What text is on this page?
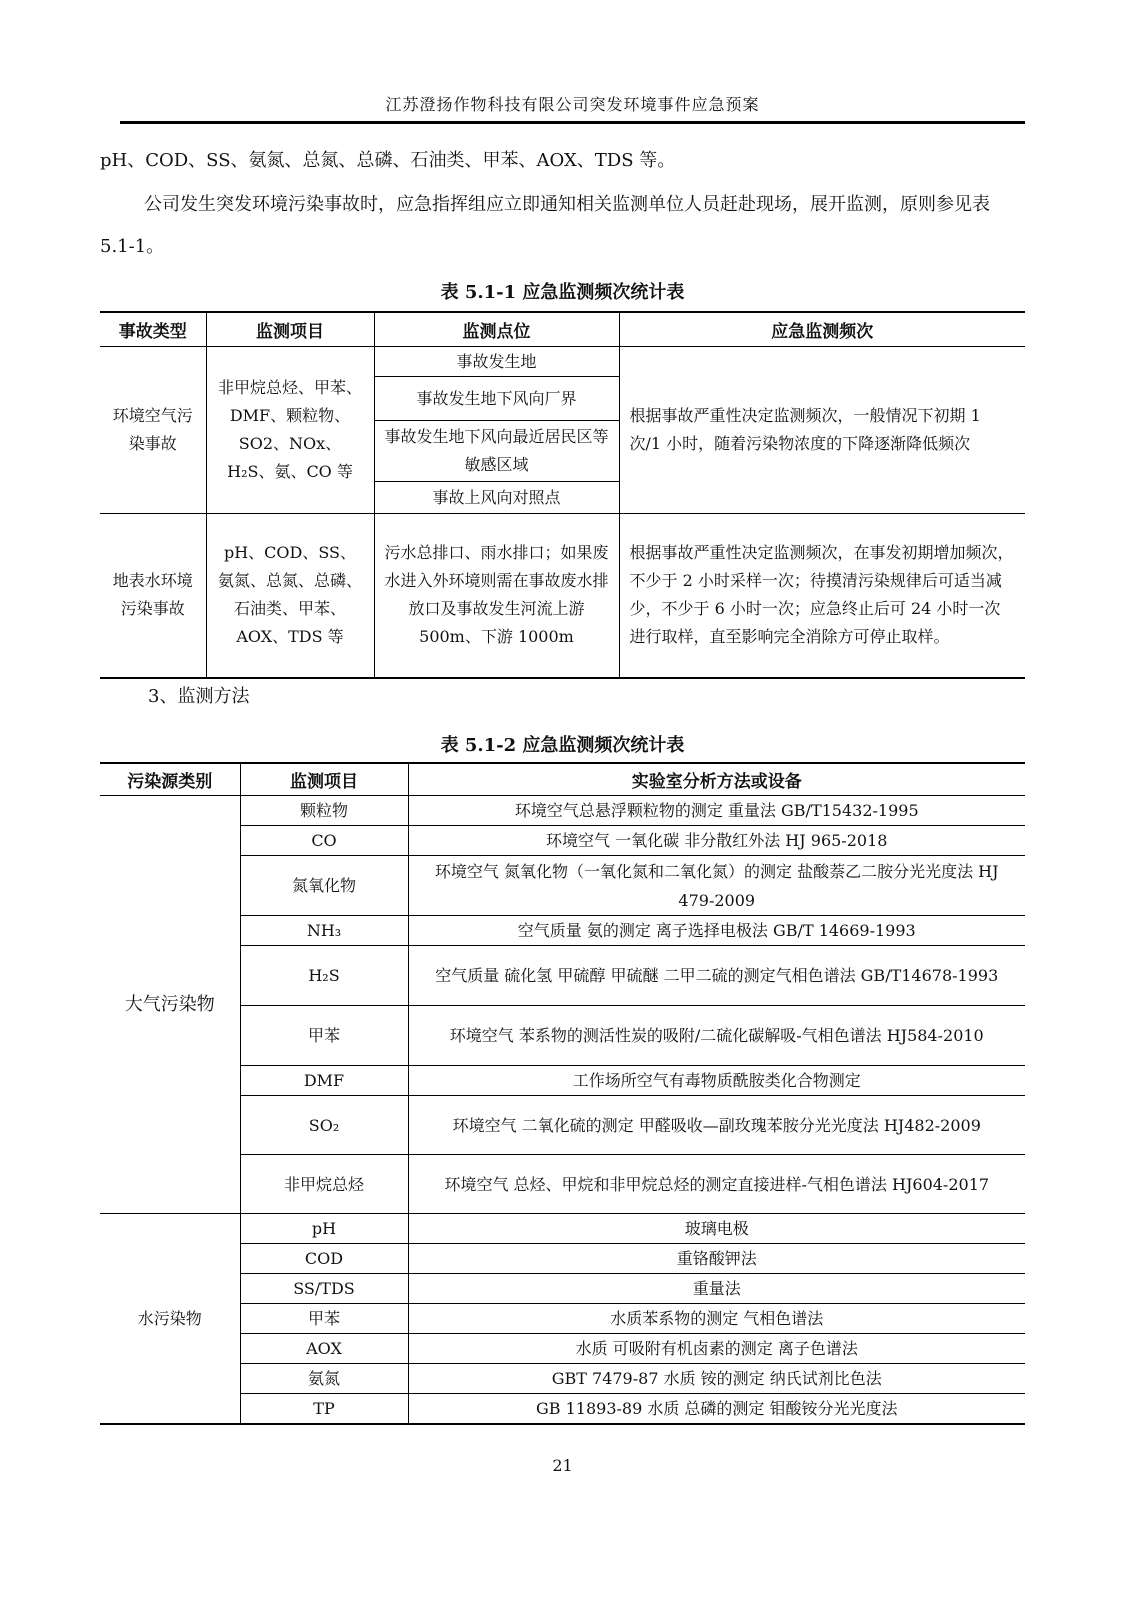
江苏澄扬作物科技有限公司突发环境事件应急预案
pH、COD、SS、氨氮、总氮、总磷、石油类、甲苯、AOX、TDS 等。
公司发生突发环境污染事故时，应急指挥组应立即通知相关监测单位人员赶赴现场，展开监测，原则参见表 5.1-1。
表 5.1-1 应急监测频次统计表
事故类型	监测项目	监测点位	应急监测频次
环境空气污染事故	非甲烷总烃、甲苯、DMF、颗粒物、SO2、NOx、H₂S、氨、CO 等	事故发生地	根据事故严重性决定监测频次，一般情况下初期 1 次/1 小时，随着污染物浓度的下降逐渐降低频次
		事故发生地下风向厂界	
		事故发生地下风向最近居民区等敏感区域	
		事故上风向对照点	
地表水环境污染事故	pH、COD、SS、氨氮、总氮、总磷、石油类、甲苯、AOX、TDS 等	污水总排口、雨水排口；如果废水进入外环境则需在事故废水排放口及事故发生河流上游 500m、下游 1000m	根据事故严重性决定监测频次，在事发初期增加频次，不少于 2 小时采样一次；待摸清污染规律后可适当减少，不少于 6 小时一次；应急终止后可 24 小时一次进行取样，直至影响完全消除方可停止取样。
3、监测方法
表 5.1-2 应急监测频次统计表
污染源类别	监测项目	实验室分析方法或设备
大气污染物	颗粒物	环境空气总悬浮颗粒物的测定 重量法 GB/T15432-1995
	CO	环境空气 一氧化碳 非分散红外法 HJ 965-2018
	氮氧化物	环境空气 氮氧化物（一氧化氮和二氧化氮）的测定 盐酸萘乙二胺分光光度法 HJ 479-2009
	NH₃	空气质量 氨的测定 离子选择电极法 GB/T 14669-1993
	H₂S	空气质量 硫化氢 甲硫醇 甲硫醚 二甲二硫的测定气相色谱法 GB/T14678-1993
	甲苯	环境空气 苯系物的测活性炭的吸附/二硫化碳解吸-气相色谱法 HJ584-2010
	DMF	工作场所空气有毒物质酰胺类化合物测定
	SO₂	环境空气 二氧化硫的测定 甲醛吸收—副玫瑰苯胺分光光度法 HJ482-2009
	非甲烷总烃	环境空气 总烃、甲烷和非甲烷总烃的测定直接进样-气相色谱法 HJ604-2017
水污染物	pH	玻璃电极
	COD	重铬酸钾法
	SS/TDS	重量法
	甲苯	水质苯系物的测定 气相色谱法
	AOX	水质 可吸附有机卤素的测定 离子色谱法
	氨氮	GBT 7479-87 水质 铵的测定 纳氏试剂比色法
	TP	GB 11893-89 水质 总磷的测定 钼酸铵分光光度法
21
